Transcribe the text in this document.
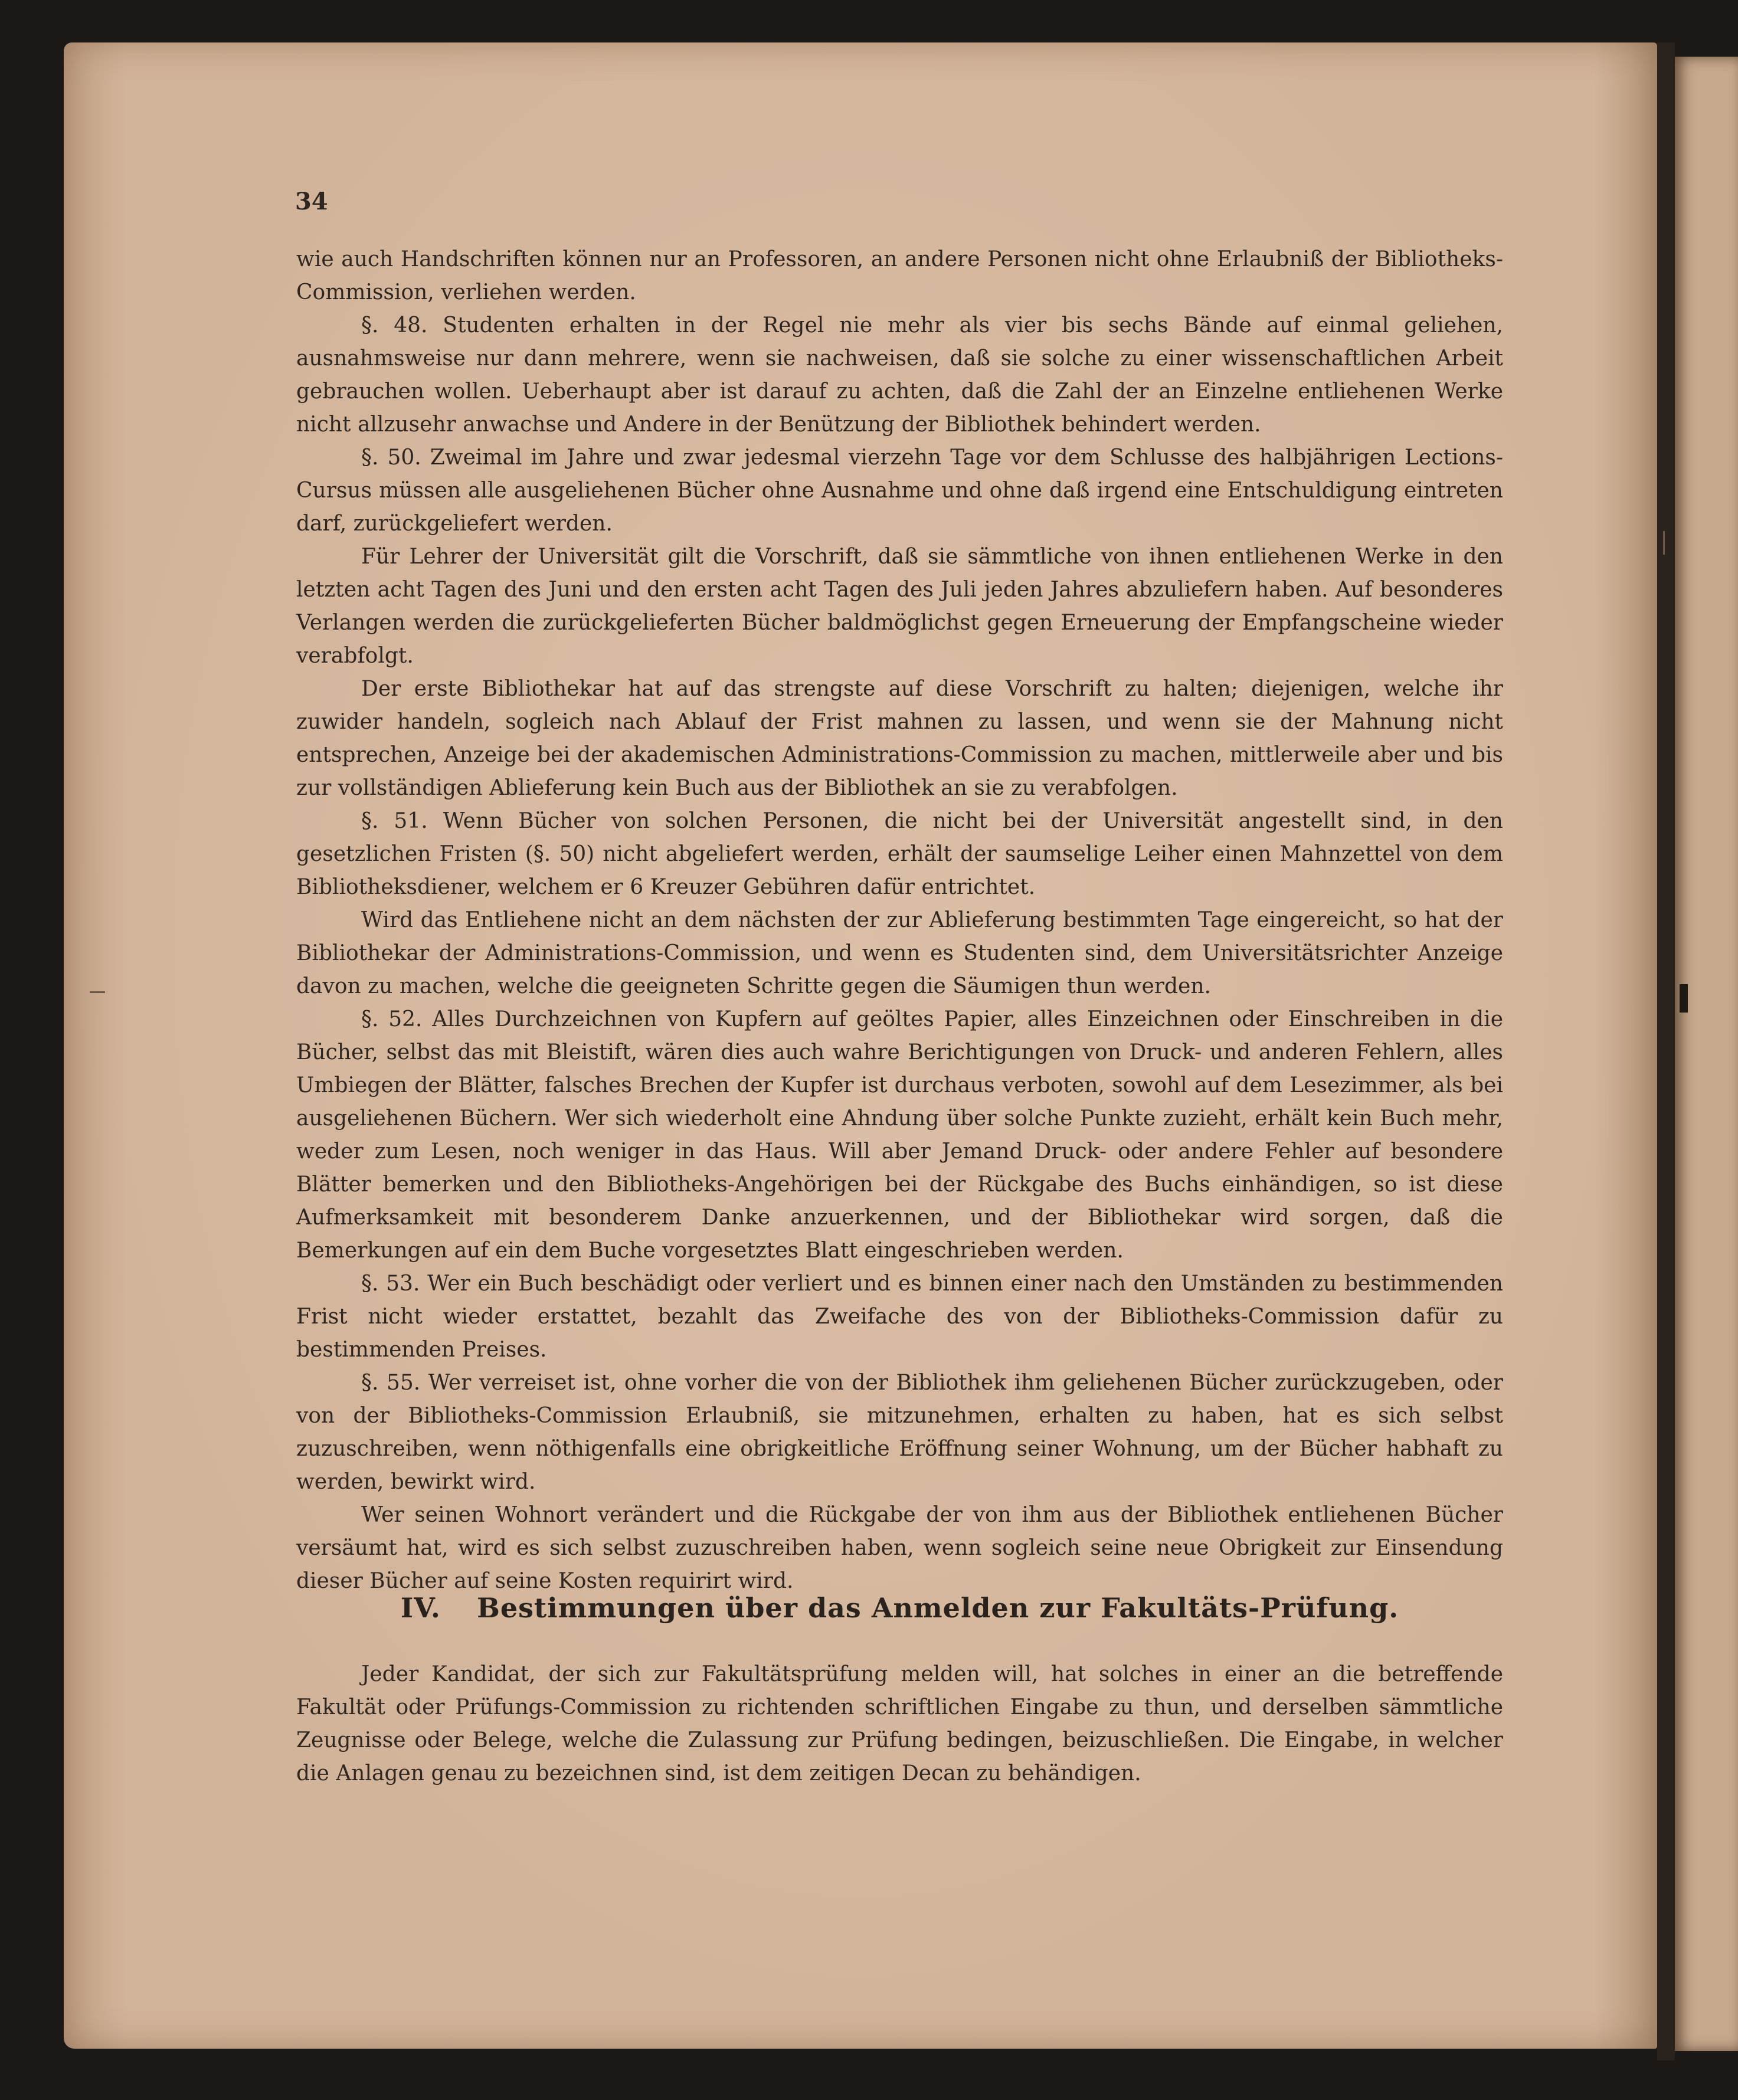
34

wie auch Handschriften können nur an Professoren, an andere Personen nicht ohne Erlaubniß der Bibliotheks-Commission, verliehen werden.

§. 48. Studenten erhalten in der Regel nie mehr als vier bis sechs Bände auf einmal geliehen, ausnahmsweise nur dann mehrere, wenn sie nachweisen, daß sie solche zu einer wissenschaftlichen Arbeit gebrauchen wollen. Ueberhaupt aber ist darauf zu achten, daß die Zahl der an Einzelne entliehenen Werke nicht allzusehr anwachse und Andere in der Benützung der Bibliothek behindert werden.

§. 50. Zweimal im Jahre und zwar jedesmal vierzehn Tage vor dem Schlusse des halbjährigen Lections-Cursus müssen alle ausgeliehenen Bücher ohne Ausnahme und ohne daß irgend eine Entschuldigung eintreten darf, zurückgeliefert werden.

Für Lehrer der Universität gilt die Vorschrift, daß sie sämmtliche von ihnen entliehenen Werke in den letzten acht Tagen des Juni und den ersten acht Tagen des Juli jeden Jahres abzuliefern haben. Auf besonderes Verlangen werden die zurückgelieferten Bücher baldmöglichst gegen Erneuerung der Empfangscheine wieder verabfolgt.

Der erste Bibliothekar hat auf das strengste auf diese Vorschrift zu halten; diejenigen, welche ihr zuwider handeln, sogleich nach Ablauf der Frist mahnen zu lassen, und wenn sie der Mahnung nicht entsprechen, Anzeige bei der akademischen Administrations-Commission zu machen, mittlerweile aber und bis zur vollständigen Ablieferung kein Buch aus der Bibliothek an sie zu verabfolgen.

§. 51. Wenn Bücher von solchen Personen, die nicht bei der Universität angestellt sind, in den gesetzlichen Fristen (§. 50) nicht abgeliefert werden, erhält der saumselige Leiher einen Mahnzettel von dem Bibliotheksdiener, welchem er 6 Kreuzer Gebühren dafür entrichtet.

Wird das Entliehene nicht an dem nächsten der zur Ablieferung bestimmten Tage eingereicht, so hat der Bibliothekar der Administrations-Commission, und wenn es Studenten sind, dem Universitätsrichter Anzeige davon zu machen, welche die geeigneten Schritte gegen die Säumigen thun werden.

§. 52. Alles Durchzeichnen von Kupfern auf geöltes Papier, alles Einzeichnen oder Einschreiben in die Bücher, selbst das mit Bleistift, wären dies auch wahre Berichtigungen von Druck- und anderen Fehlern, alles Umbiegen der Blätter, falsches Brechen der Kupfer ist durchaus verboten, sowohl auf dem Lesezimmer, als bei ausgeliehenen Büchern. Wer sich wiederholt eine Ahndung über solche Punkte zuzieht, erhält kein Buch mehr, weder zum Lesen, noch weniger in das Haus. Will aber Jemand Druck- oder andere Fehler auf besondere Blätter bemerken und den Bibliotheks-Angehörigen bei der Rückgabe des Buchs einhändigen, so ist diese Aufmerksamkeit mit besonderem Danke anzuerkennen, und der Bibliothekar wird sorgen, daß die Bemerkungen auf ein dem Buche vorgesetztes Blatt eingeschrieben werden.

§. 53. Wer ein Buch beschädigt oder verliert und es binnen einer nach den Umständen zu bestimmenden Frist nicht wieder erstattet, bezahlt das Zweifache des von der Bibliotheks-Commission dafür zu bestimmenden Preises.

§. 55. Wer verreiset ist, ohne vorher die von der Bibliothek ihm geliehenen Bücher zurückzugeben, oder von der Bibliotheks-Commission Erlaubniß, sie mitzunehmen, erhalten zu haben, hat es sich selbst zuzuschreiben, wenn nöthigenfalls eine obrigkeitliche Eröffnung seiner Wohnung, um der Bücher habhaft zu werden, bewirkt wird.

Wer seinen Wohnort verändert und die Rückgabe der von ihm aus der Bibliothek entliehenen Bücher versäumt hat, wird es sich selbst zuzuschreiben haben, wenn sogleich seine neue Obrigkeit zur Einsendung dieser Bücher auf seine Kosten requirirt wird.

IV. Bestimmungen über das Anmelden zur Fakultäts-Prüfung.

Jeder Kandidat, der sich zur Fakultätsprüfung melden will, hat solches in einer an die betreffende Fakultät oder Prüfungs-Commission zu richtenden schriftlichen Eingabe zu thun, und derselben sämmtliche Zeugnisse oder Belege, welche die Zulassung zur Prüfung bedingen, beizuschließen. Die Eingabe, in welcher die Anlagen genau zu bezeichnen sind, ist dem zeitigen Decan zu behändigen.
